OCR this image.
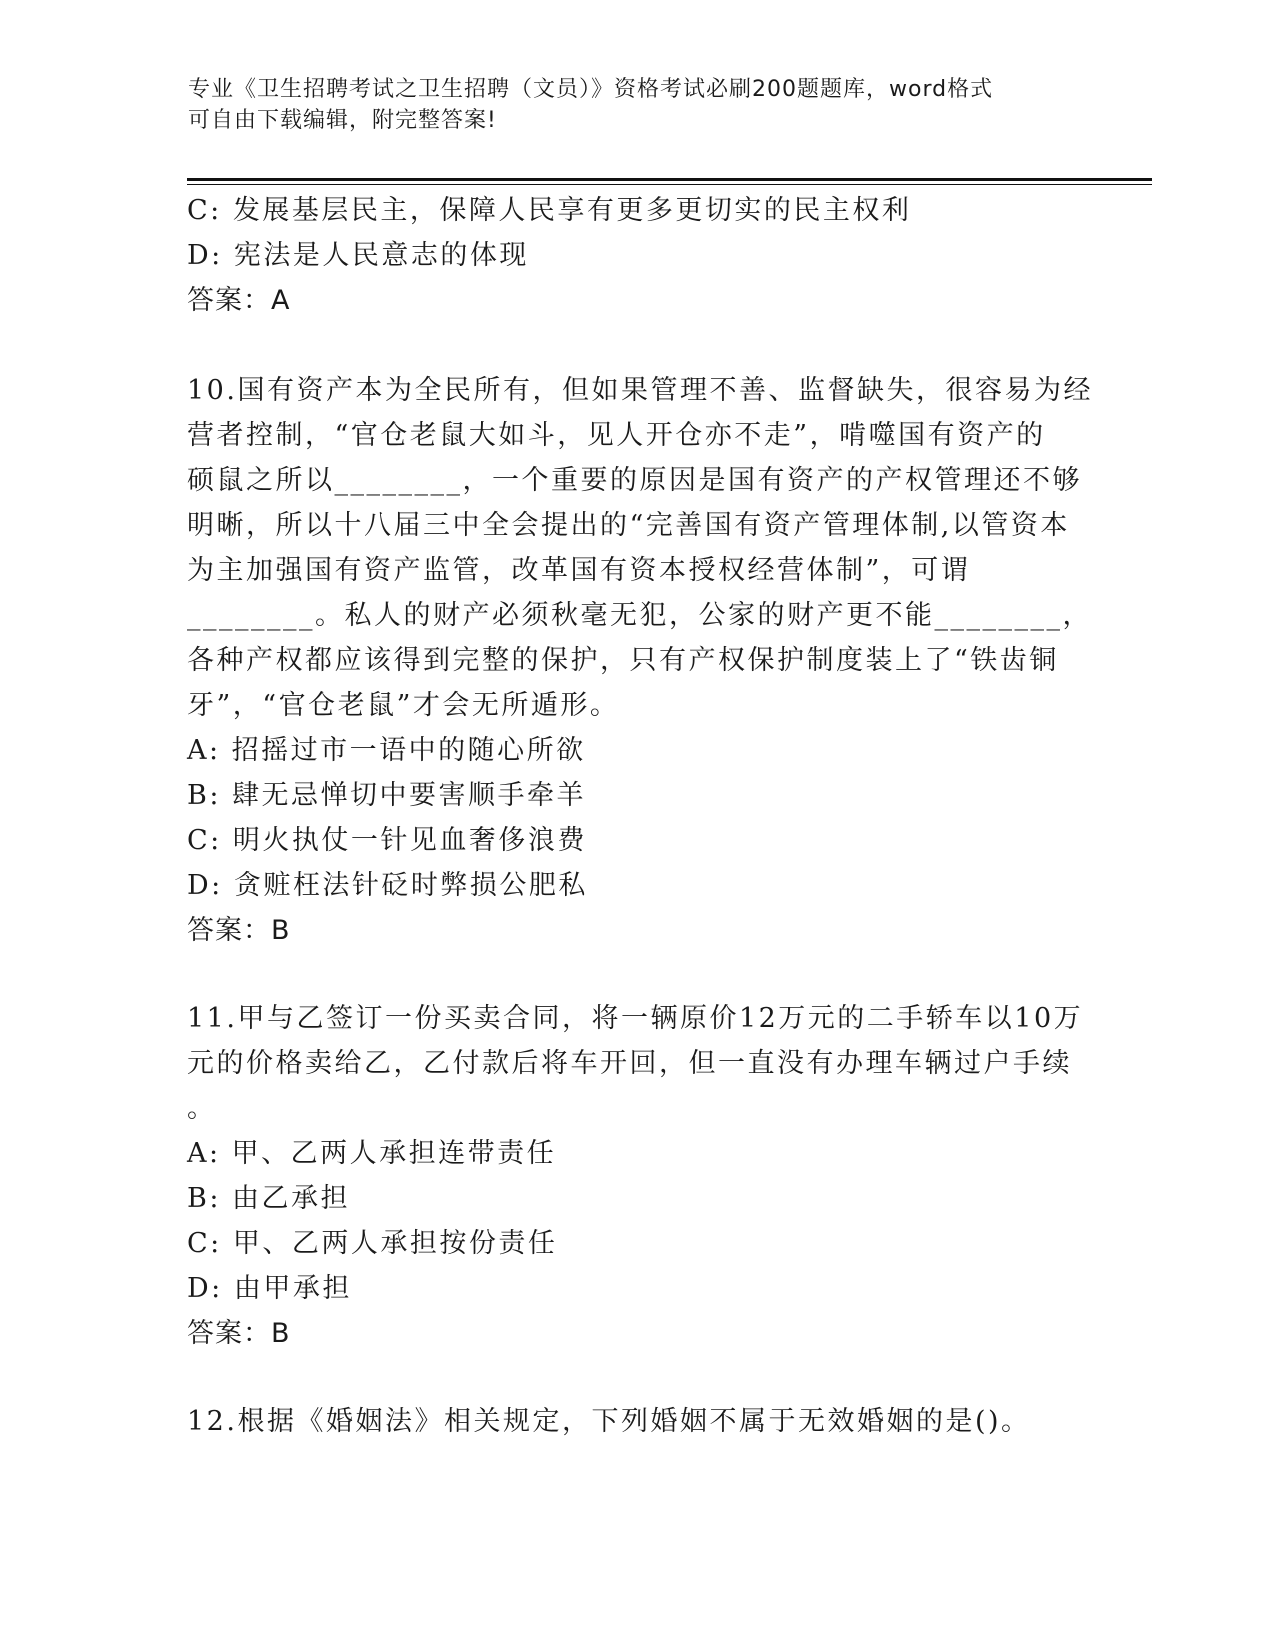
专业《卫生招聘考试之卫生招聘（文员）》资格考试必刷200题题库，word格式
可自由下载编辑，附完整答案!
C: 发展基层民主，保障人民享有更多更切实的民主权利
D: 宪法是人民意志的体现
答案：A
10.国有资产本为全民所有，但如果管理不善、监督缺失，很容易为经
营者控制，“官仓老鼠大如斗，见人开仓亦不走”，啃噬国有资产的
硕鼠之所以________，一个重要的原因是国有资产的产权管理还不够
明晰，所以十八届三中全会提出的“完善国有资产管理体制,以管资本
为主加强国有资产监管，改革国有资本授权经营体制”，可谓
________。私人的财产必须秋毫无犯，公家的财产更不能________，
各种产权都应该得到完整的保护，只有产权保护制度装上了“铁齿铜
牙”，“官仓老鼠”才会无所遁形。
A: 招摇过市一语中的随心所欲
B: 肆无忌惮切中要害顺手牵羊
C: 明火执仗一针见血奢侈浪费
D: 贪赃枉法针砭时弊损公肥私
答案：B
11.甲与乙签订一份买卖合同，将一辆原价12万元的二手轿车以10万
元的价格卖给乙，乙付款后将车开回，但一直没有办理车辆过户手续
。
A: 甲、乙两人承担连带责任
B: 由乙承担
C: 甲、乙两人承担按份责任
D: 由甲承担
答案：B
12.根据《婚姻法》相关规定，下列婚姻不属于无效婚姻的是()。
